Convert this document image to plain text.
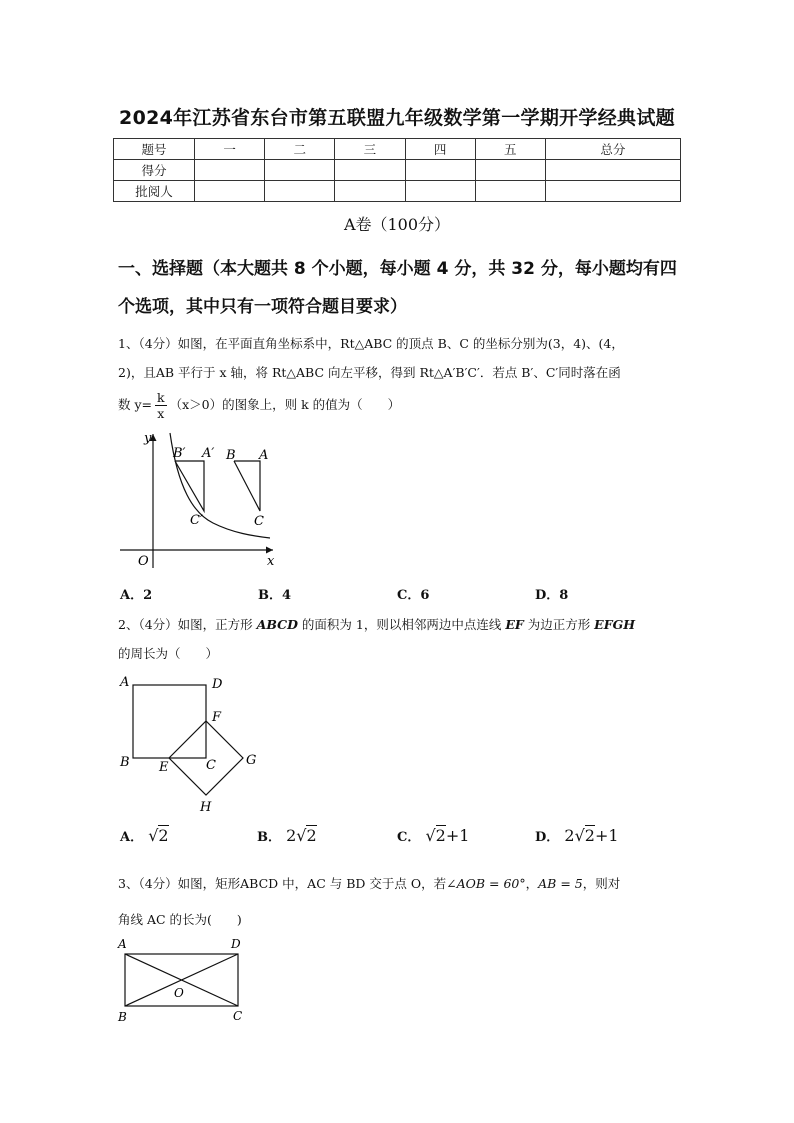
2024年江苏省东台市第五联盟九年级数学第一学期开学经典试题
题号	一	二	三	四	五	总分
得分						
批阅人						
A卷（100分）
一、选择题（本大题共 8 个小题，每小题 4 分，共 32 分，每小题均有四个选项，其中只有一项符合题目要求）
1、（4分）如图，在平面直角坐标系中，Rt△ABC 的顶点 B、C 的坐标分别为(3，4)、(4，
2)，且AB 平行于 x 轴，将 Rt△ABC 向左平移，得到 Rt△A′B′C′．若点 B′、C′同时落在函
数 $y= \frac{k}{x} (x>0)$的图象上，则 k 的值为（　　）
y
x
O
B′ A′
C′
B A
C
A．2	B．4	C．6	D．8
2、（4分）如图，正方形 ABCD 的面积为 1，则以相邻两边中点连线 EF 为边正方形 EFGH
的周长为（　　）
A	D
B	C
E
F
G
H
A． √2	B． 2√2	C． √2+1	D． 2√2+1
3、（4分）如图，矩形ABCD 中，AC 与 BD 交于点 O，若∠AOB = 60°，AB = 5，则对
角线 AC 的长为(　　)
A	D
B	C
O
